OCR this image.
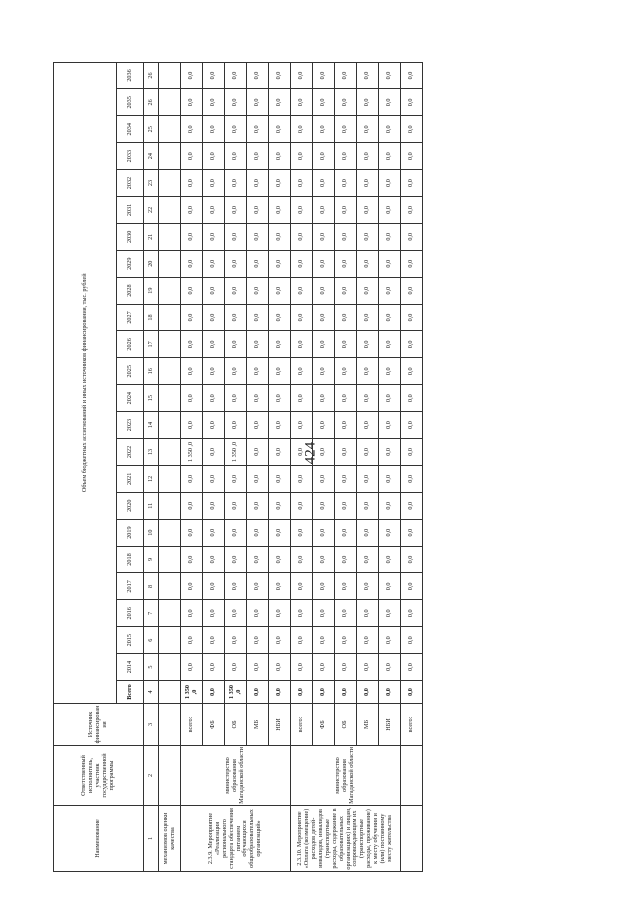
424
Наименование	Ответственный исполнитель, участник государственной программы	Источник финансирования	Объем бюджетных ассигнований и иных источников финансирования, тыс. рублей																							
			Всего	2014	2015	2016	2017	2018	2019	2020	2021	2022	2023	2024	2025	2026	2027	2028	2029	2030	2031	2032	2033	2034	2035	2036
1	2	3	4	5	6	7	8	9	10	11	12	13	14	15	16	17	18	19	20	21	22	23	24	25	26	26
механизмов оценки качества																										
2.3.9. Мероприятие «Реализация регионального стандарта обеспечения питанием обучающихся общеобразовательных организаций»	министерство образования Магаданской области	всего:	1 350 ,0	0,0	0,0	0,0	0,0	0,0	0,0	0,0	0,0	1 350 ,0	0,0	0,0	0,0	0,0	0,0	0,0	0,0	0,0	0,0	0,0	0,0	0,0	0,0	0,0
		ФБ	0,0	0,0	0,0	0,0	0,0	0,0	0,0	0,0	0,0	0,0	0,0	0,0	0,0	0,0	0,0	0,0	0,0	0,0	0,0	0,0	0,0	0,0	0,0	0,0
		ОБ	1 350 ,0	0,0	0,0	0,0	0,0	0,0	0,0	0,0	0,0	1 350 ,0	0,0	0,0	0,0	0,0	0,0	0,0	0,0	0,0	0,0	0,0	0,0	0,0	0,0	0,0
		МБ	0,0	0,0	0,0	0,0	0,0	0,0	0,0	0,0	0,0	0,0	0,0	0,0	0,0	0,0	0,0	0,0	0,0	0,0	0,0	0,0	0,0	0,0	0,0	0,0
		НБИ	0,0	0,0	0,0	0,0	0,0	0,0	0,0	0,0	0,0	0,0	0,0	0,0	0,0	0,0	0,0	0,0	0,0	0,0	0,0	0,0	0,0	0,0	0,0	0,0
2.3.10. Мероприятие «Оплата (возмещение) расходов детей-инвалидов, инвалидов (транспортные расходы, содержание в образовательных организациях) и лицам, сопровождающим их (транспортные расходы, проживание) к месту обучения и (или) постоянному месту жительства	министерство образования Магаданской области	всего:	0,0	0,0	0,0	0,0	0,0	0,0	0,0	0,0	0,0	0,0	0,0	0,0	0,0	0,0	0,0	0,0	0,0	0,0	0,0	0,0	0,0	0,0	0,0	0,0
		ФБ	0,0	0,0	0,0	0,0	0,0	0,0	0,0	0,0	0,0	0,0	0,0	0,0	0,0	0,0	0,0	0,0	0,0	0,0	0,0	0,0	0,0	0,0	0,0	0,0
		ОБ	0,0	0,0	0,0	0,0	0,0	0,0	0,0	0,0	0,0	0,0	0,0	0,0	0,0	0,0	0,0	0,0	0,0	0,0	0,0	0,0	0,0	0,0	0,0	0,0
		МБ	0,0	0,0	0,0	0,0	0,0	0,0	0,0	0,0	0,0	0,0	0,0	0,0	0,0	0,0	0,0	0,0	0,0	0,0	0,0	0,0	0,0	0,0	0,0	0,0
		НБИ	0,0	0,0	0,0	0,0	0,0	0,0	0,0	0,0	0,0	0,0	0,0	0,0	0,0	0,0	0,0	0,0	0,0	0,0	0,0	0,0	0,0	0,0	0,0	0,0
		всего:	0,0	0,0	0,0	0,0	0,0	0,0	0,0	0,0	0,0	0,0	0,0	0,0	0,0	0,0	0,0	0,0	0,0	0,0	0,0	0,0	0,0	0,0	0,0	0,0
